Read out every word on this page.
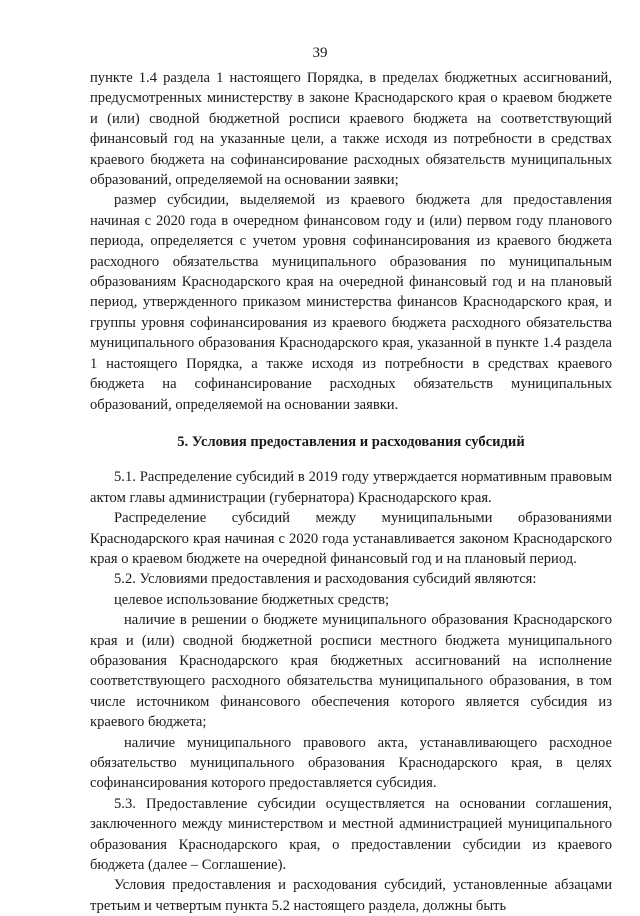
39

пункте 1.4 раздела 1 настоящего Порядка, в пределах бюджетных ассигнований, предусмотренных министерству в законе Краснодарского края о краевом бюджете и (или) сводной бюджетной росписи краевого бюджета на соответствующий финансовый год на указанные цели, а также исходя из потребности в средствах краевого бюджета на софинансирование расходных обязательств муниципальных образований, определяемой на основании заявки;

размер субсидии, выделяемой из краевого бюджета для предоставления начиная с 2020 года в очередном финансовом году и (или) первом году планового периода, определяется с учетом уровня софинансирования из краевого бюджета расходного обязательства муниципального образования по муниципальным образованиям Краснодарского края на очередной финансовый год и на плановый период, утвержденного приказом министерства финансов Краснодарского края, и группы уровня софинансирования из краевого бюджета расходного обязательства муниципального образования Краснодарского края, указанной в пункте 1.4 раздела 1 настоящего Порядка, а также исходя из потребности в средствах краевого бюджета на софинансирование расходных обязательств муниципальных образований, определяемой на основании заявки.

5. Условия предоставления и расходования субсидий

5.1. Распределение субсидий в 2019 году утверждается нормативным правовым актом главы администрации (губернатора) Краснодарского края.

Распределение субсидий между муниципальными образованиями Краснодарского края начиная с 2020 года устанавливается законом Краснодарского края о краевом бюджете на очередной финансовый год и на плановый период.

5.2. Условиями предоставления и расходования субсидий являются:

целевое использование бюджетных средств;

наличие в решении о бюджете муниципального образования Краснодарского края и (или) сводной бюджетной росписи местного бюджета муниципального образования Краснодарского края бюджетных ассигнований на исполнение соответствующего расходного обязательства муниципального образования, в том числе источником финансового обеспечения которого является субсидия из краевого бюджета;

наличие муниципального правового акта, устанавливающего расходное обязательство муниципального образования Краснодарского края, в целях софинансирования которого предоставляется субсидия.

5.3. Предоставление субсидии осуществляется на основании соглашения, заключенного между министерством и местной администрацией муниципального образования Краснодарского края, о предоставлении субсидии из краевого бюджета (далее – Соглашение).

Условия предоставления и расходования субсидий, установленные абзацами третьим и четвертым пункта 5.2 настоящего раздела, должны быть
